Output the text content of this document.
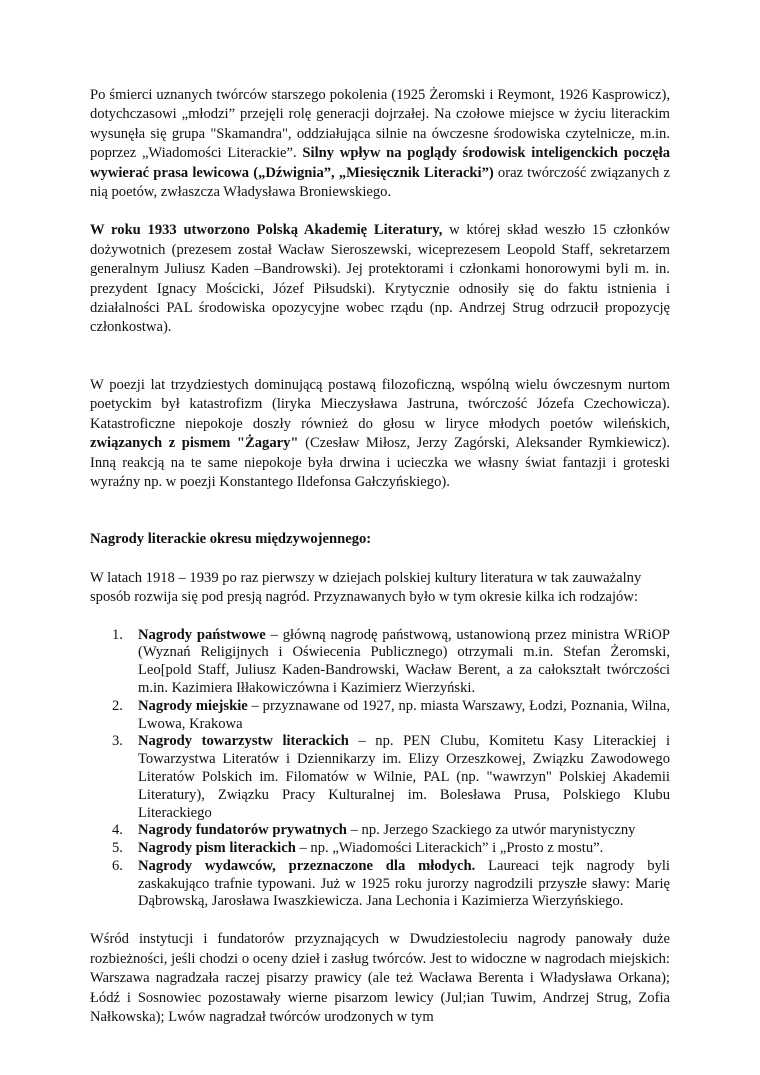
Po śmierci uznanych twórców starszego pokolenia (1925 Żeromski i Reymont, 1926 Kasprowicz), dotychczasowi „młodzi” przejęli rolę generacji dojrzałej. Na czołowe miejsce w życiu literackim wysunęła się grupa "Skamandra", oddziałująca silnie na ówczesne środowiska czytelnicze, m.in. poprzez „Wiadomości Literackie”. Silny wpływ na poglądy środowisk inteligenckich poczęła wywierać prasa lewicowa („Dźwignia”, „Miesięcznik Literacki”) oraz twórczość związanych z nią poetów, zwłaszcza Władysława Broniewskiego.

W roku 1933 utworzono Polską Akademię Literatury, w której skład weszło 15 członków dożywotnich (prezesem został Wacław Sieroszewski, wiceprezesem Leopold Staff, sekretarzem generalnym Juliusz Kaden –Bandrowski). Jej protektorami i członkami honorowymi byli m. in. prezydent Ignacy Mościcki, Józef Piłsudski). Krytycznie odnosiły się do faktu istnienia i działalności PAL środowiska opozycyjne wobec rządu (np. Andrzej Strug odrzucił propozycję członkostwa).

W poezji lat trzydziestych dominującą postawą filozoficzną, wspólną wielu ówczesnym nurtom poetyckim był katastrofizm (liryka Mieczysława Jastruna, twórczość Józefa Czechowicza). Katastroficzne niepokoje doszły również do głosu w liryce młodych poetów wileńskich, związanych z pismem "Żagary" (Czesław Miłosz, Jerzy Zagórski, Aleksander Rymkiewicz). Inną reakcją na te same niepokoje była drwina i ucieczka we własny świat fantazji i groteski wyraźny np. w poezji Konstantego Ildefonsa Gałczyńskiego).

Nagrody literackie okresu międzywojennego:

W latach 1918 – 1939 po raz pierwszy w dziejach polskiej kultury literatura w tak zauważalny sposób rozwija się pod presją nagród. Przyznawanych było w tym okresie kilka ich rodzajów:

1. Nagrody państwowe – główną nagrodę państwową, ustanowioną przez ministra WRiOP (Wyznań Religijnych i Oświecenia Publicznego) otrzymali m.in. Stefan Żeromski, Leo[pold Staff, Juliusz Kaden-Bandrowski, Wacław Berent, a za całokształt twórczości m.in. Kazimiera Iłłakowiczówna i Kazimierz Wierzyński.
2. Nagrody miejskie – przyznawane od 1927, np. miasta Warszawy, Łodzi, Poznania, Wilna, Lwowa, Krakowa
3. Nagrody towarzystw literackich – np. PEN Clubu, Komitetu Kasy Literackiej i Towarzystwa Literatów i Dziennikarzy im. Elizy Orzeszkowej, Związku Zawodowego Literatów Polskich im. Filomatów w Wilnie, PAL (np. "wawrzyn" Polskiej Akademii Literatury), Związku Pracy Kulturalnej im. Bolesława Prusa, Polskiego Klubu Literackiego
4. Nagrody fundatorów prywatnych – np. Jerzego Szackiego za utwór marynistyczny
5. Nagrody pism literackich – np. „Wiadomości Literackich” i „Prosto z mostu”.
6. Nagrody wydawców, przeznaczone dla młodych. Laureaci tejk nagrody byli zaskakująco trafnie typowani. Już w 1925 roku jurorzy nagrodzili przyszłe sławy: Marię Dąbrowską, Jarosława Iwaszkiewicza. Jana Lechonia i Kazimierza Wierzyńskiego.

Wśród instytucji i fundatorów przyznających w Dwudziestoleciu nagrody panowały duże rozbieżności, jeśli chodzi o oceny dzieł i zasług twórców. Jest to widoczne w nagrodach miejskich: Warszawa nagradzała raczej pisarzy prawicy (ale też Wacława Berenta i Władysława Orkana); Łódź i Sosnowiec pozostawały wierne pisarzom lewicy (Jul;ian Tuwim, Andrzej Strug, Zofia Nałkowska); Lwów nagradzał twórców urodzonych w tym
